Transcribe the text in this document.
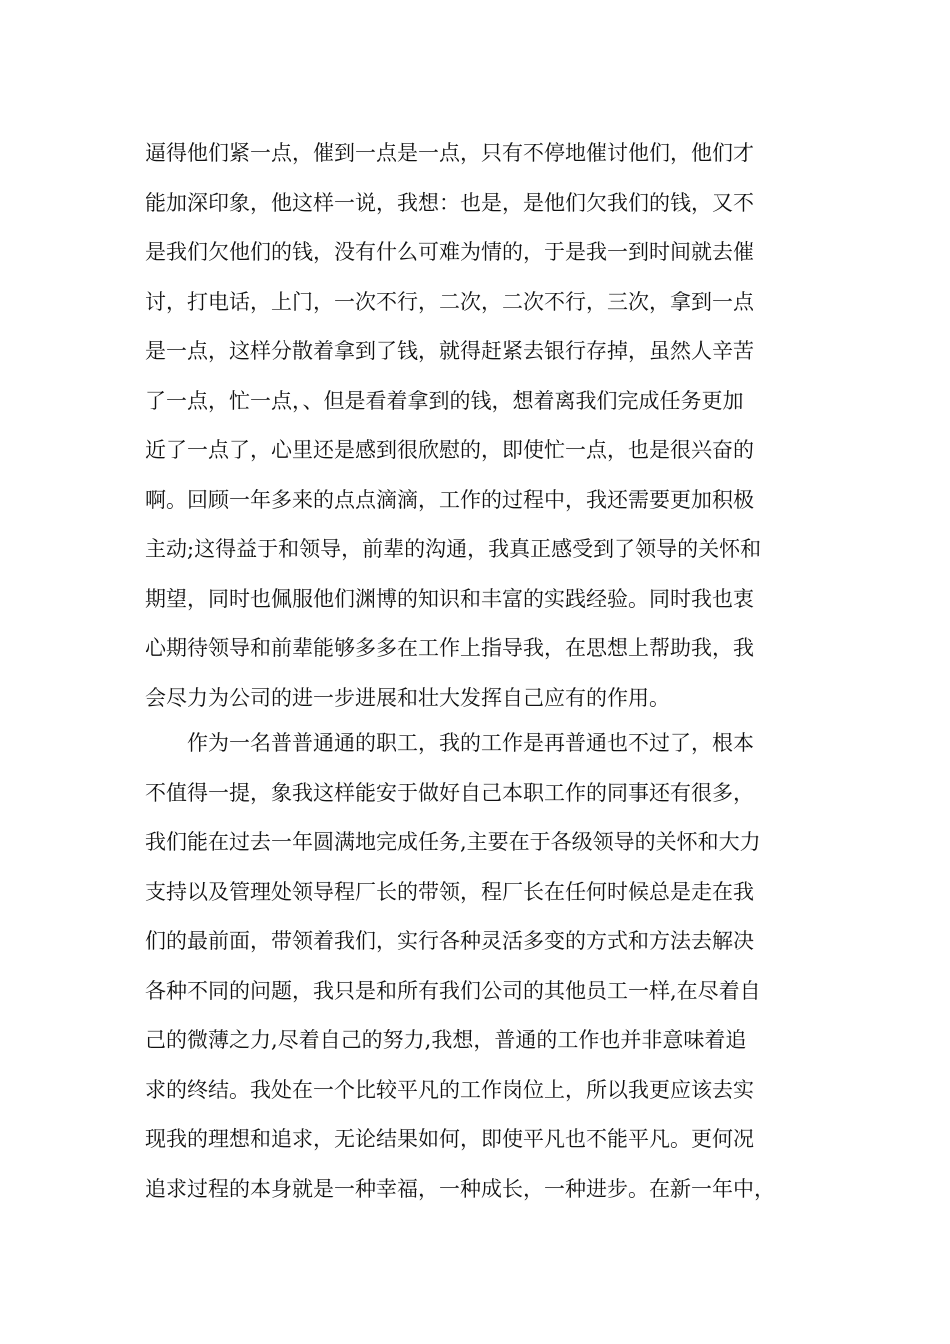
逼得他们紧一点，催到一点是一点，只有不停地催讨他们，他们才
能加深印象，他这样一说，我想：也是，是他们欠我们的钱，又不
是我们欠他们的钱，没有什么可难为情的，于是我一到时间就去催
讨，打电话，上门，一次不行，二次，二次不行，三次，拿到一点
是一点，这样分散着拿到了钱，就得赶紧去银行存掉，虽然人辛苦
了一点，忙一点，、但是看着拿到的钱，想着离我们完成任务更加
近了一点了，心里还是感到很欣慰的，即使忙一点，也是很兴奋的
啊。回顾一年多来的点点滴滴，工作的过程中，我还需要更加积极
主动;这得益于和领导，前辈的沟通，我真正感受到了领导的关怀和
期望，同时也佩服他们渊博的知识和丰富的实践经验。同时我也衷
心期待领导和前辈能够多多在工作上指导我，在思想上帮助我，我
会尽力为公司的进一步进展和壮大发挥自己应有的作用。
作为一名普普通通的职工，我的工作是再普通也不过了，根本
不值得一提，象我这样能安于做好自己本职工作的同事还有很多，
我们能在过去一年圆满地完成任务,主要在于各级领导的关怀和大力
支持以及管理处领导程厂长的带领，程厂长在任何时候总是走在我
们的最前面，带领着我们，实行各种灵活多变的方式和方法去解决
各种不同的问题，我只是和所有我们公司的其他员工一样,在尽着自
己的微薄之力,尽着自己的努力,我想，普通的工作也并非意味着追
求的终结。我处在一个比较平凡的工作岗位上，所以我更应该去实
现我的理想和追求，无论结果如何，即使平凡也不能平凡。更何况
追求过程的本身就是一种幸福，一种成长，一种进步。在新一年中，
